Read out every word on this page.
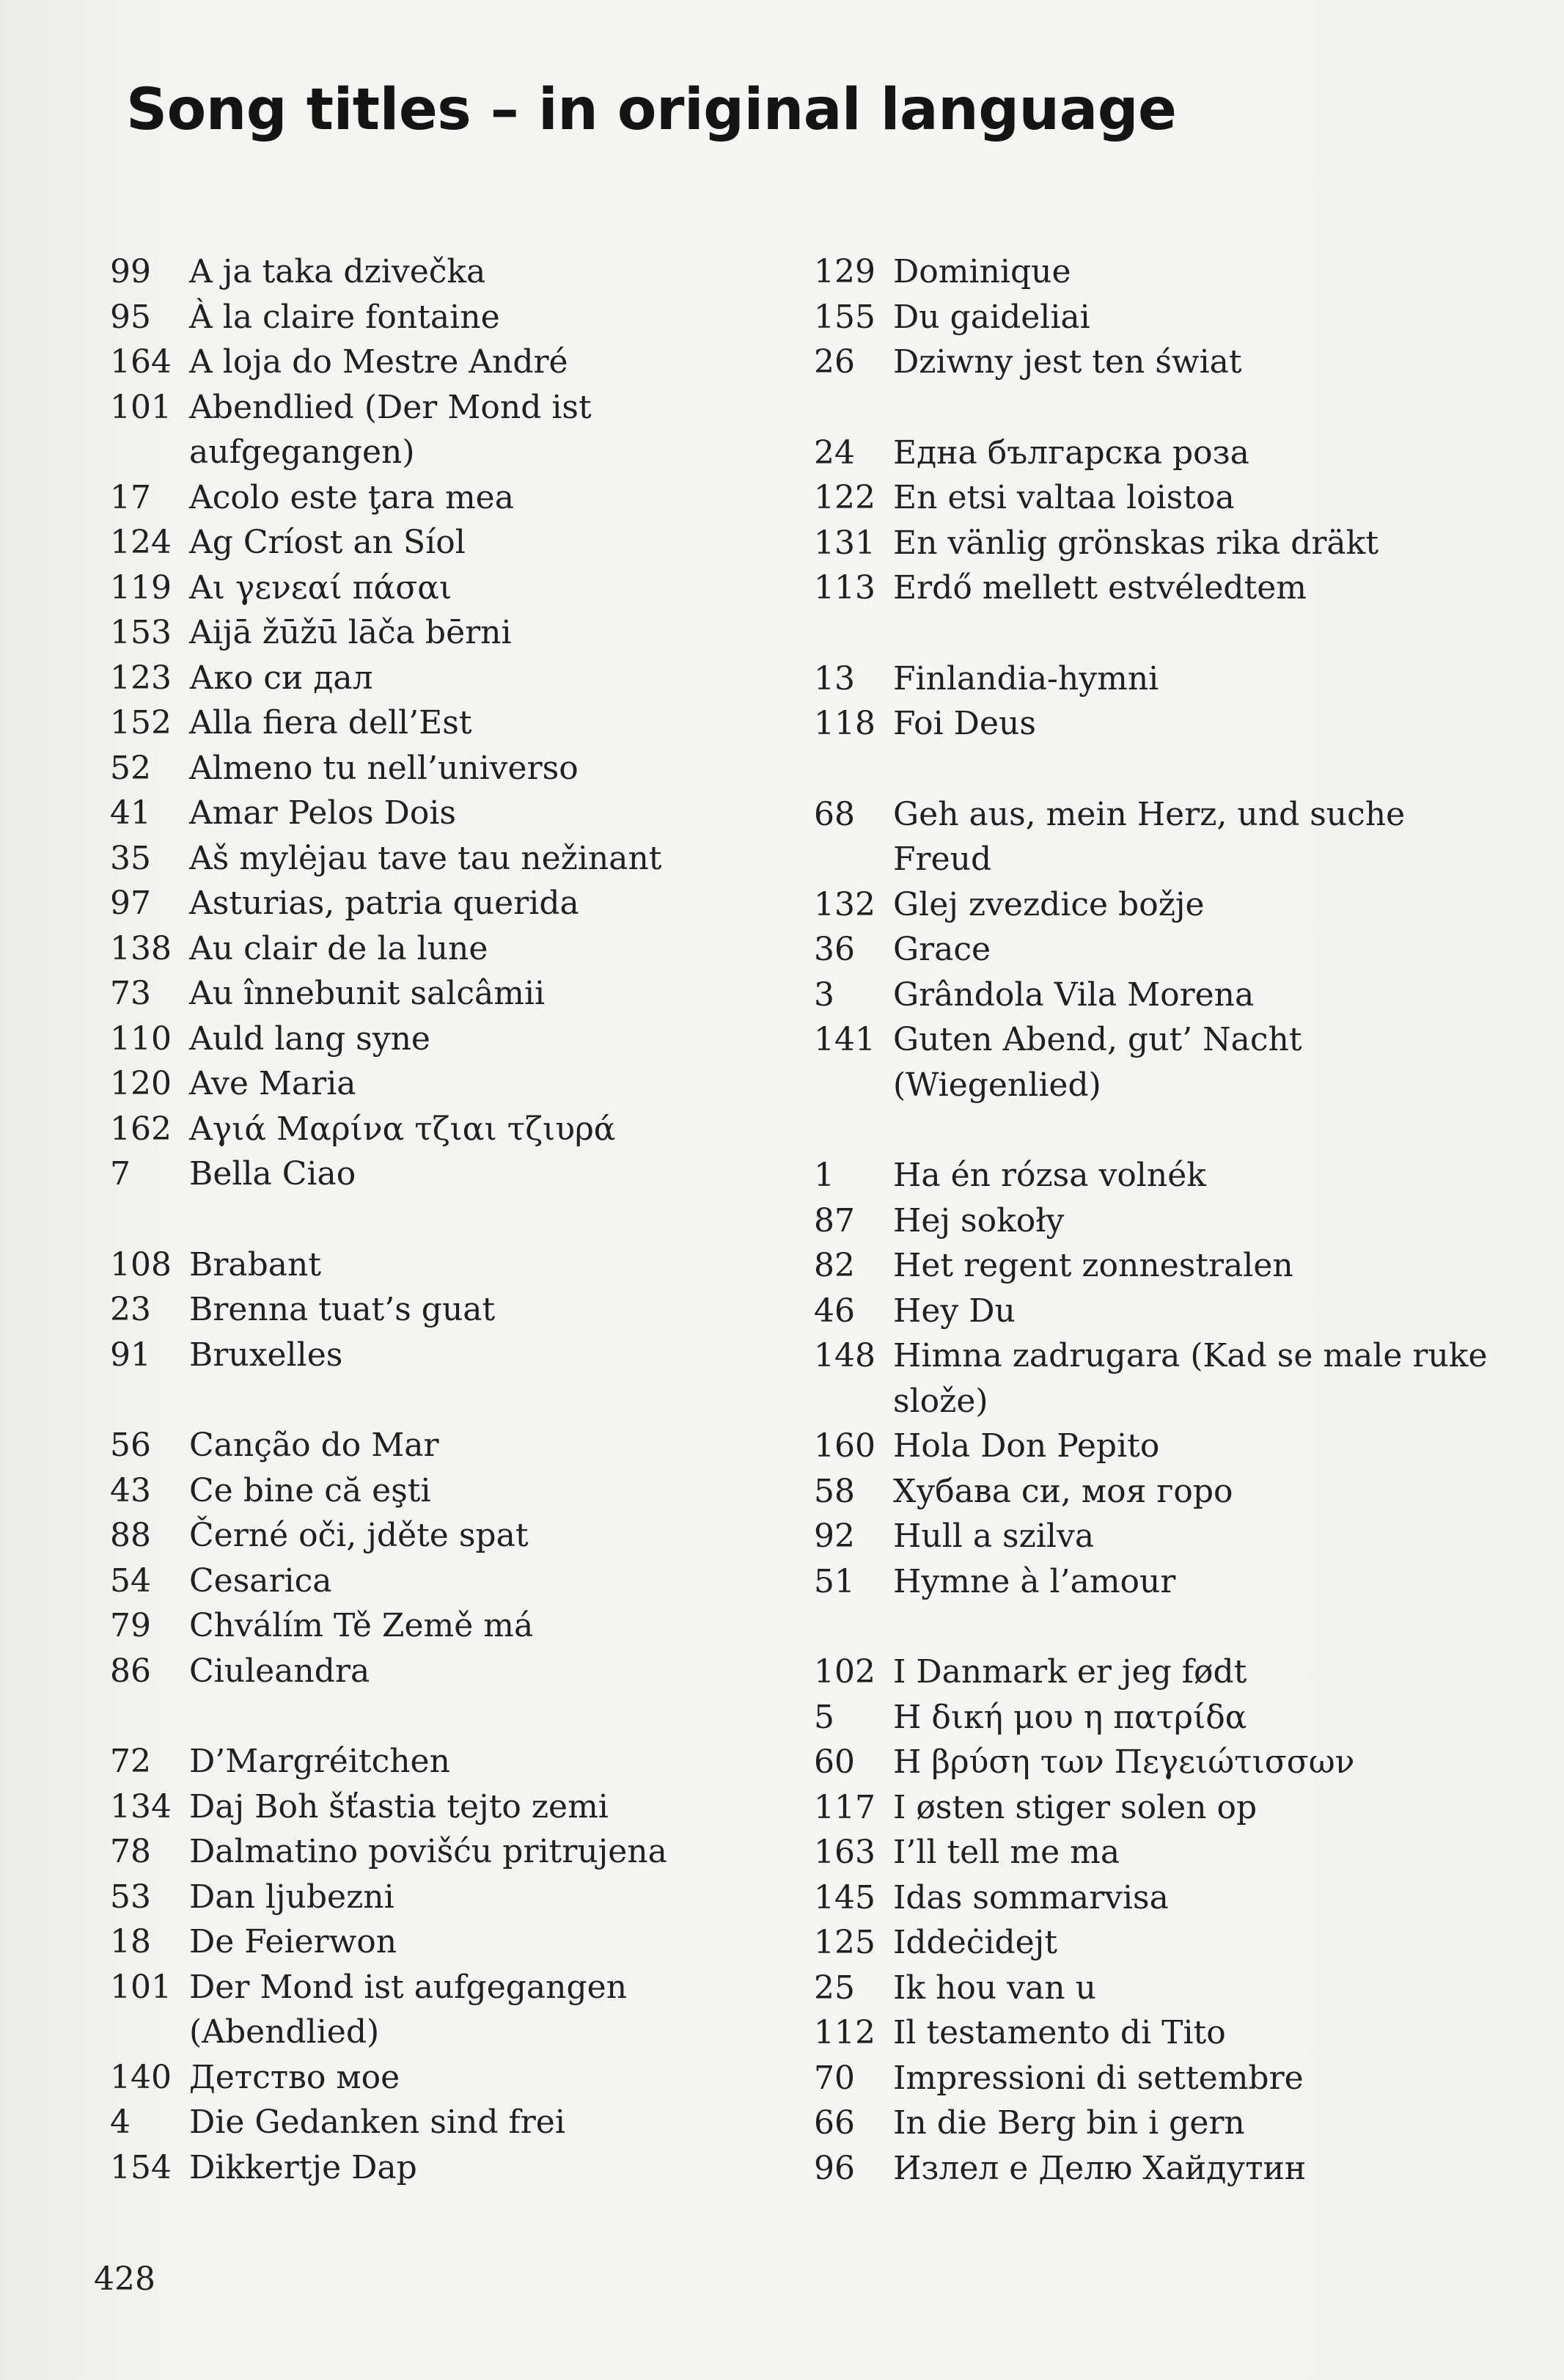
Song titles – in original language
99	A ja taka dzivečka
95	À la claire fontaine
164 A loja do Mestre André
101 Abendlied (Der Mond ist aufgegangen)
17	Acolo este ţara mea
124 Ag Críost an Síol
119 Αι γενεαί πάσαι
153 Aijā žūžū lāča bērni
123 Ако си дал
152 Alla fiera dell’Est
52	Almeno tu nell’universo
41	Amar Pelos Dois
35	Aš mylėjau tave tau nežinant
97	Asturias, patria querida
138 Au clair de la lune
73	Au înnebunit salcâmii
110 Auld lang syne
120 Ave Maria
162 Αγιά Μαρίνα τζιαι τζιυρά
7	Bella Ciao
108 Brabant
23	Brenna tuat’s guat
91	Bruxelles
56	Canção do Mar
43	Ce bine că eşti
88	Černé oči, jděte spat
54	Cesarica
79	Chválím Tě Země má
86	Ciuleandra
72	D’Margréitchen
134 Daj Boh šťastia tejto zemi
78	Dalmatino povišću pritrujena
53	Dan ljubezni
18	De Feierwon
101 Der Mond ist aufgegangen (Abendlied)
140 Детство мое
4	Die Gedanken sind frei
154 Dikkertje Dap
129 Dominique
155 Du gaideliai
26	Dziwny jest ten świat
24	Една българска роза
122 En etsi valtaa loistoa
131 En vänlig grönskas rika dräkt
113 Erdő mellett estvéledtem
13	Finlandia-hymni
118 Foi Deus
68	Geh aus, mein Herz, und suche Freud
132 Glej zvezdice božje
36	Grace
3	Grândola Vila Morena
141 Guten Abend, gut’ Nacht (Wiegenlied)
1	Ha én rózsa volnék
87	Hej sokoły
82	Het regent zonnestralen
46	Hey Du
148 Himna zadrugara (Kad se male ruke slože)
160 Hola Don Pepito
58	Хубава си, моя горо
92	Hull a szilva
51	Hymne à l’amour
102 I Danmark er jeg født
5	Η δική μου η πατρίδα
60	Η βρύση των Πεγειώτισσων
117 I østen stiger solen op
163 I’ll tell me ma
145 Idas sommarvisa
125 Iddeċidejt
25	Ik hou van u
112 Il testamento di Tito
70	Impressioni di settembre
66	In die Berg bin i gern
96	Излел е Делю Хайдутин
428
